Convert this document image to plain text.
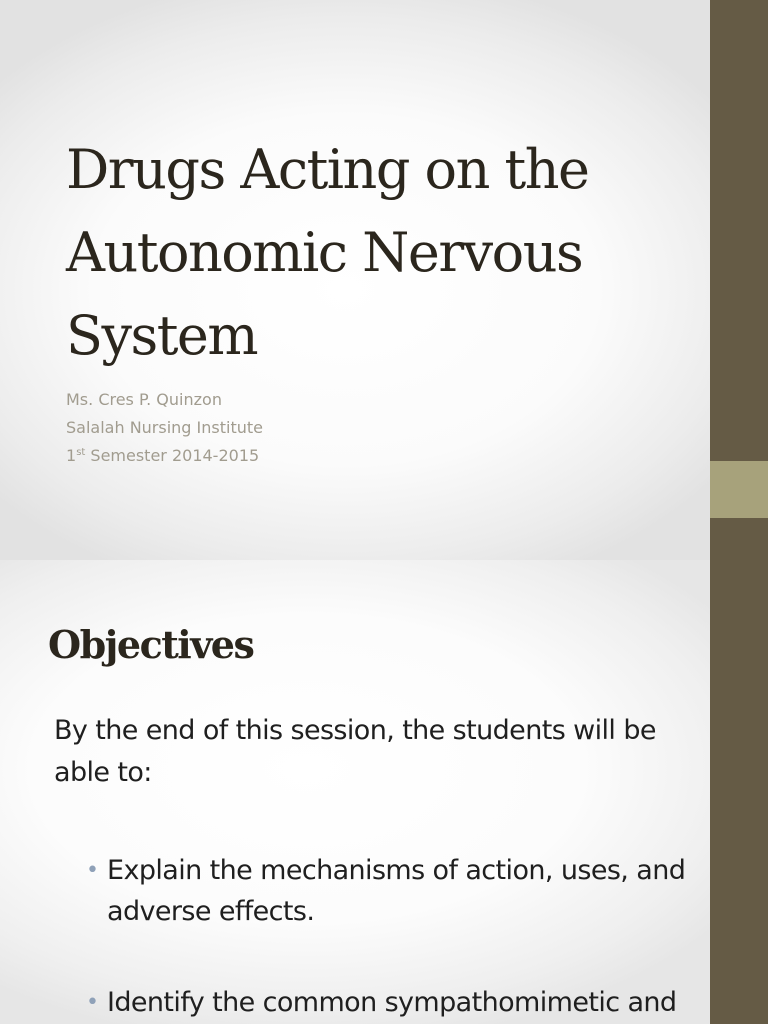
Drugs Acting on the
Autonomic Nervous
System
Ms. Cres P. Quinzon
Salalah Nursing Institute
1st Semester 2014-2015
Objectives

By the end of this session, the students will be able to:

• Explain the mechanisms of action, uses, and adverse effects.
• Identify the common sympathomimetic and
